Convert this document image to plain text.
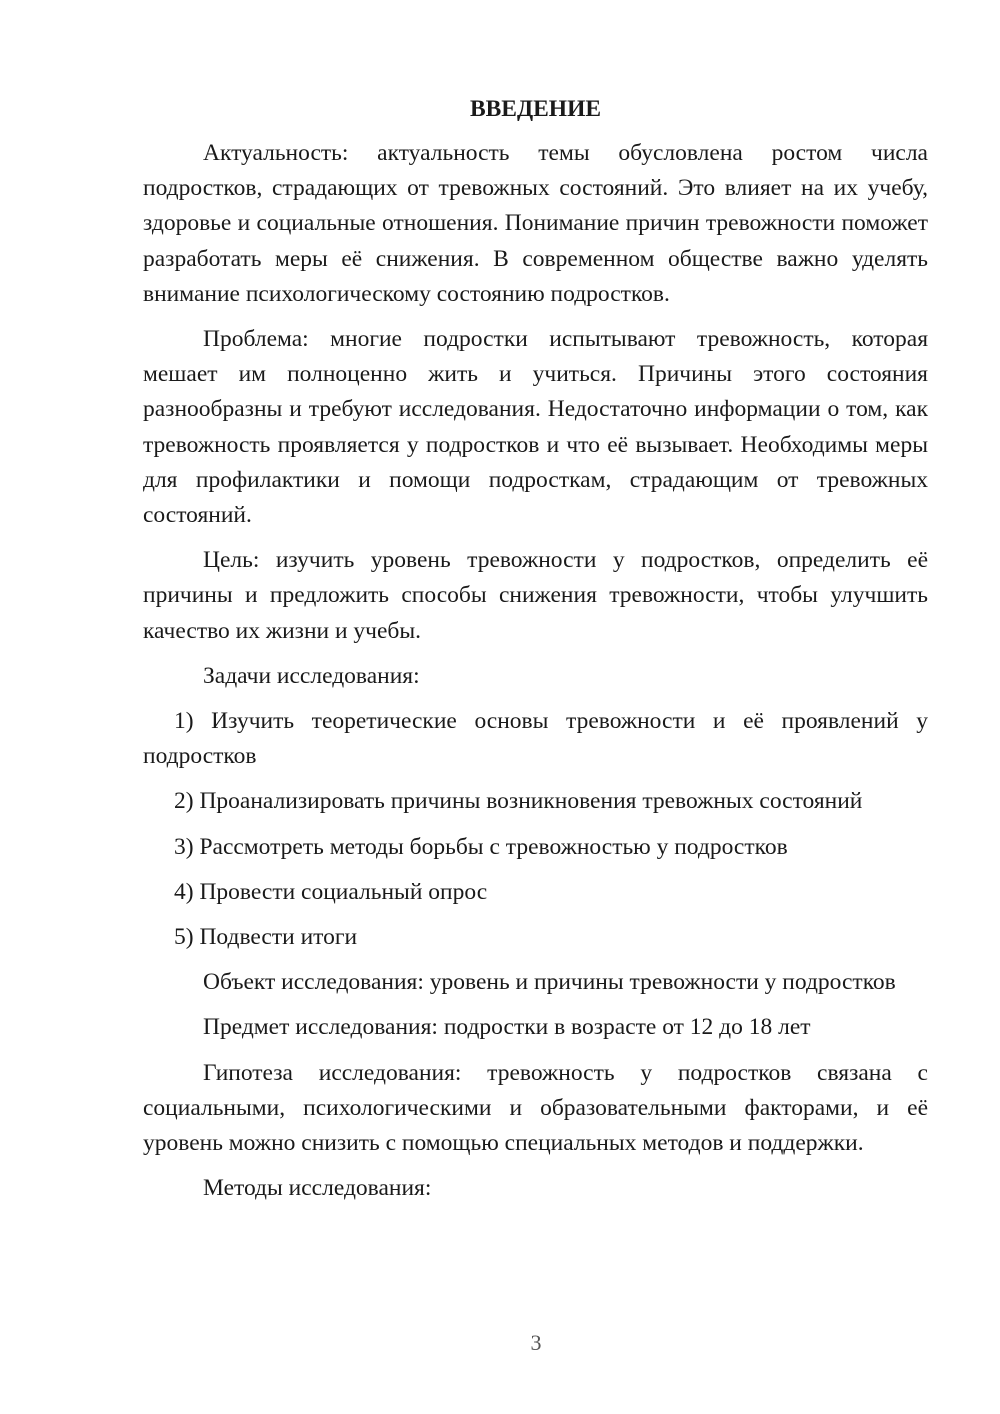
ВВЕДЕНИЕ

Актуальность: актуальность темы обусловлена ростом числа подростков, страдающих от тревожных состояний. Это влияет на их учебу, здоровье и социальные отношения. Понимание причин тревожности поможет разработать меры её снижения. В современном обществе важно уделять внимание психологическому состоянию подростков.

Проблема: многие подростки испытывают тревожность, которая мешает им полноценно жить и учиться. Причины этого состояния разнообразны и требуют исследования. Недостаточно информации о том, как тревожность проявляется у подростков и что её вызывает. Необходимы меры для профилактики и помощи подросткам, страдающим от тревожных состояний.

Цель: изучить уровень тревожности у подростков, определить её причины и предложить способы снижения тревожности, чтобы улучшить качество их жизни и учебы.

Задачи исследования:

1) Изучить теоретические основы тревожности и её проявлений у подростков

2) Проанализировать причины возникновения тревожных состояний

3) Рассмотреть методы борьбы с тревожностью у подростков

4) Провести социальный опрос

5) Подвести итоги

Объект исследования: уровень и причины тревожности у подростков

Предмет исследования: подростки в возрасте от 12 до 18 лет

Гипотеза исследования: тревожность у подростков связана с социальными, психологическими и образовательными факторами, и её уровень можно снизить с помощью специальных методов и поддержки.

Методы исследования:

3
